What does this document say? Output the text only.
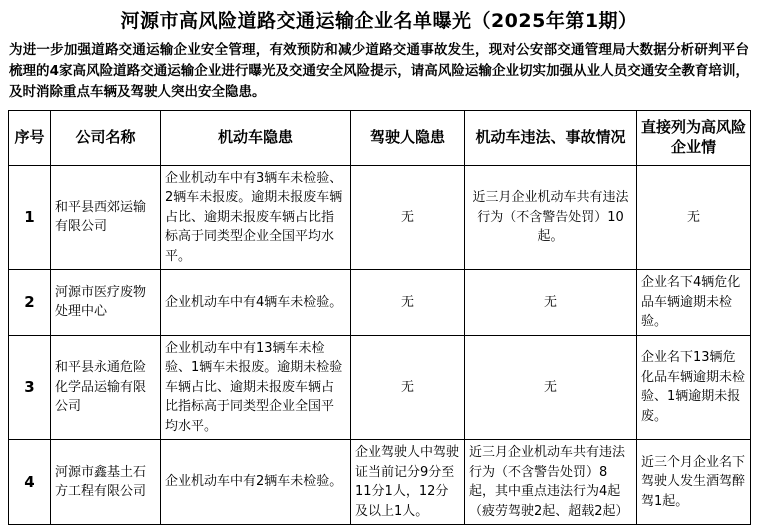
河源市高风险道路交通运输企业名单曝光（2025年第1期）
为进一步加强道路交通运输企业安全管理，有效预防和减少道路交通事故发生，现对公安部交通管理局大数据分析研判平台梳理的4家高风险道路交通运输企业进行曝光及交通安全风险提示，请高风险运输企业切实加强从业人员交通安全教育培训，及时消除重点车辆及驾驶人突出安全隐患。
序号	公司名称	机动车隐患	驾驶人隐患	机动车违法、事故情况	直接列为高风险企业情
1	和平县西郊运输有限公司	企业机动车中有3辆车未检验、2辆车未报废。逾期未报废车辆占比、逾期未报废车辆占比指标高于同类型企业全国平均水平。	无	近三月企业机动车共有违法行为（不含警告处罚）10起。	无
2	河源市医疗废物处理中心	企业机动车中有4辆车未检验。	无	无	企业名下4辆危化品车辆逾期未检验。
3	和平县永通危险化学品运输有限公司	企业机动车中有13辆车未检验、1辆车未报废。逾期未检验车辆占比、逾期未报废车辆占比指标高于同类型企业全国平均水平。	无	无	企业名下13辆危化品车辆逾期未检验、1辆逾期未报废。
4	河源市鑫基土石方工程有限公司	企业机动车中有2辆车未检验。	企业驾驶人中驾驶证当前记分9分至11分1人，12分及以上1人。	近三月企业机动车共有违法行为（不含警告处罚）8起，其中重点违法行为4起（疲劳驾驶2起、超载2起）	近三个月企业名下驾驶人发生酒驾醉驾1起。
